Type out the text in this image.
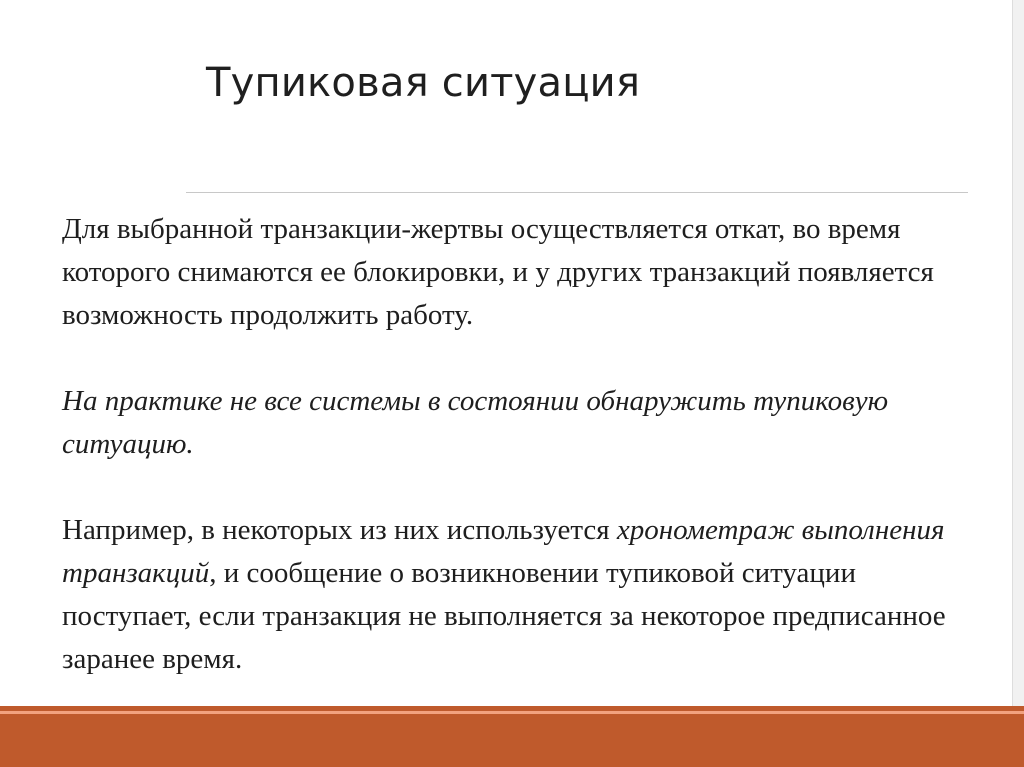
Тупиковая ситуация

Для выбранной транзакции-жертвы осуществляется откат, во время которого снимаются ее блокировки, и у других транзакций появляется возможность продолжить работу.

На практике не все системы в состоянии обнаружить тупиковую ситуацию.

Например, в некоторых из них используется хронометраж выполнения транзакций, и сообщение о возникновении тупиковой ситуации поступает, если транзакция не выполняется за некоторое предписанное заранее время.
